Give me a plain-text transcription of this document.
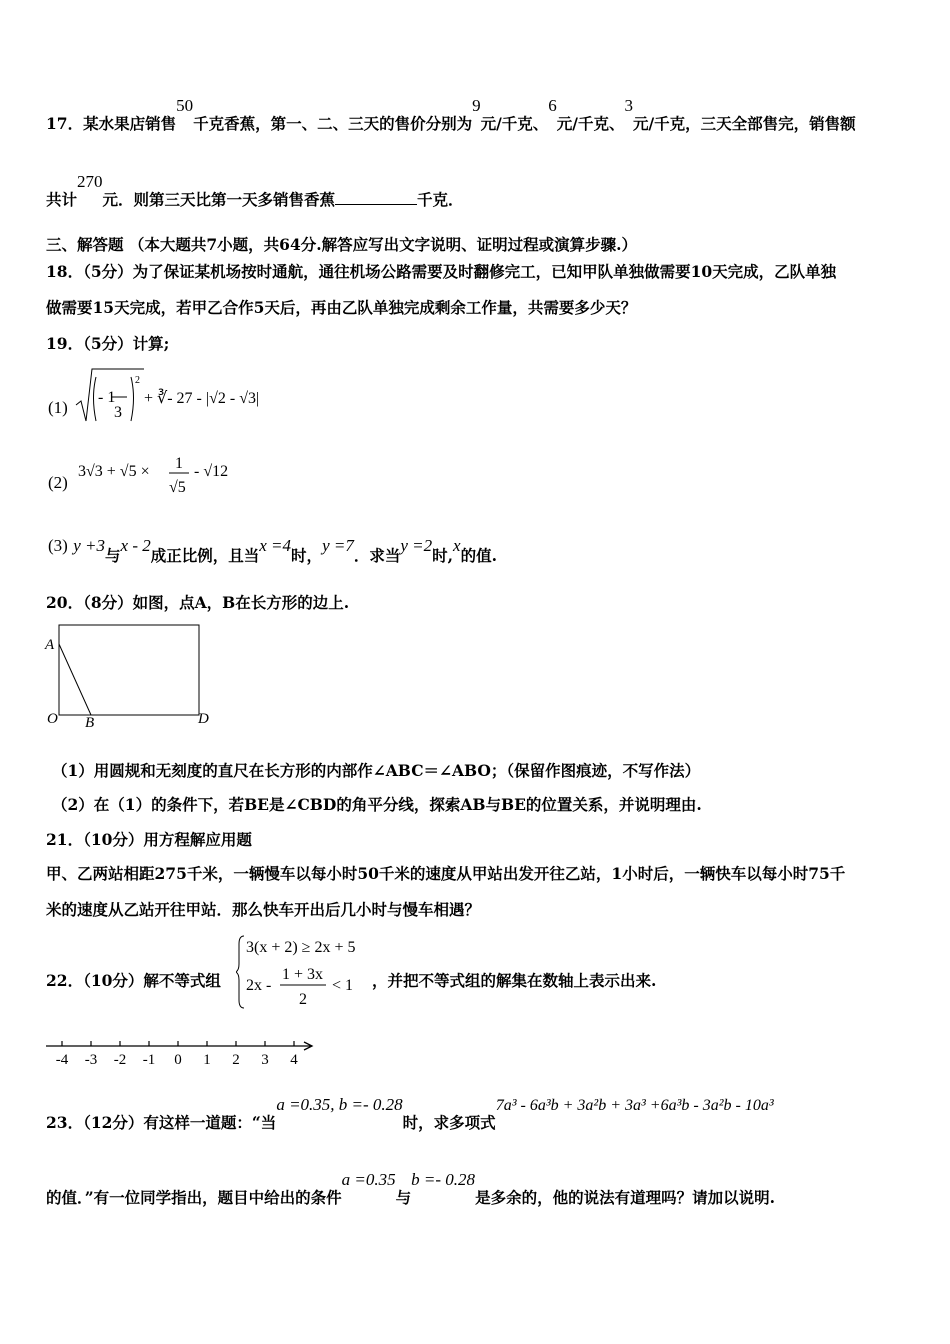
17．某水果店销售50千克香蕉，第一、二、三天的售价分别为9元/千克、6元/千克、3元/千克，三天全部售完，销售额
共计270元．则第三天比第一天多销售香蕉	千克．
三、解答题 （本大题共7小题，共64分.解答应写出文字说明、证明过程或演算步骤.）
18．（5分）为了保证某机场按时通航，通往机场公路需要及时翻修完工，已知甲队单独做需要10天完成，乙队单独
做需要15天完成，若甲乙合作5天后，再由乙队单独完成剩余工作量，共需要多少天？
19．（5分）计算;
(1)
- 1
3
2
+ ∛- 27 - |√2 - √3|
(2)
3√3 + √5 × 1
√5
- √12
(3) y +3与x - 2成正比例，且当x =4时，y =7．求当y =2时,x的值.
20．（8分）如图，点A，B在长方形的边上.
A
O B	D
（1）用圆规和无刻度的直尺在长方形的内部作∠ABC＝∠ABO；（保留作图痕迹，不写作法）
（2）在（1）的条件下，若BE是∠CBD的角平分线，探索AB与BE的位置关系，并说明理由.
21．（10分）用方程解应用题
甲、乙两站相距275千米，一辆慢车以每小时50千米的速度从甲站出发开往乙站，1小时后，一辆快车以每小时75千
米的速度从乙站开往甲站．那么快车开出后几小时与慢车相遇？
22．（10分）解不等式组
3(x + 2) ≥ 2x + 5
2x -
1 + 3x
2
< 1 ，并把不等式组的解集在数轴上表示出来.
-4 -3 -2 -1 0 1 2 3 4
23．（12分）有这样一道题：“当a =0.35, b =- 0.28时，求多项式7a³ - 6a³b + 3a²b + 3a³ +6a³b - 3a²b - 10a³
的值．”有一位同学指出，题目中给出的条件a =0.35与b =- 0.28是多余的，他的说法有道理吗？请加以说明.
